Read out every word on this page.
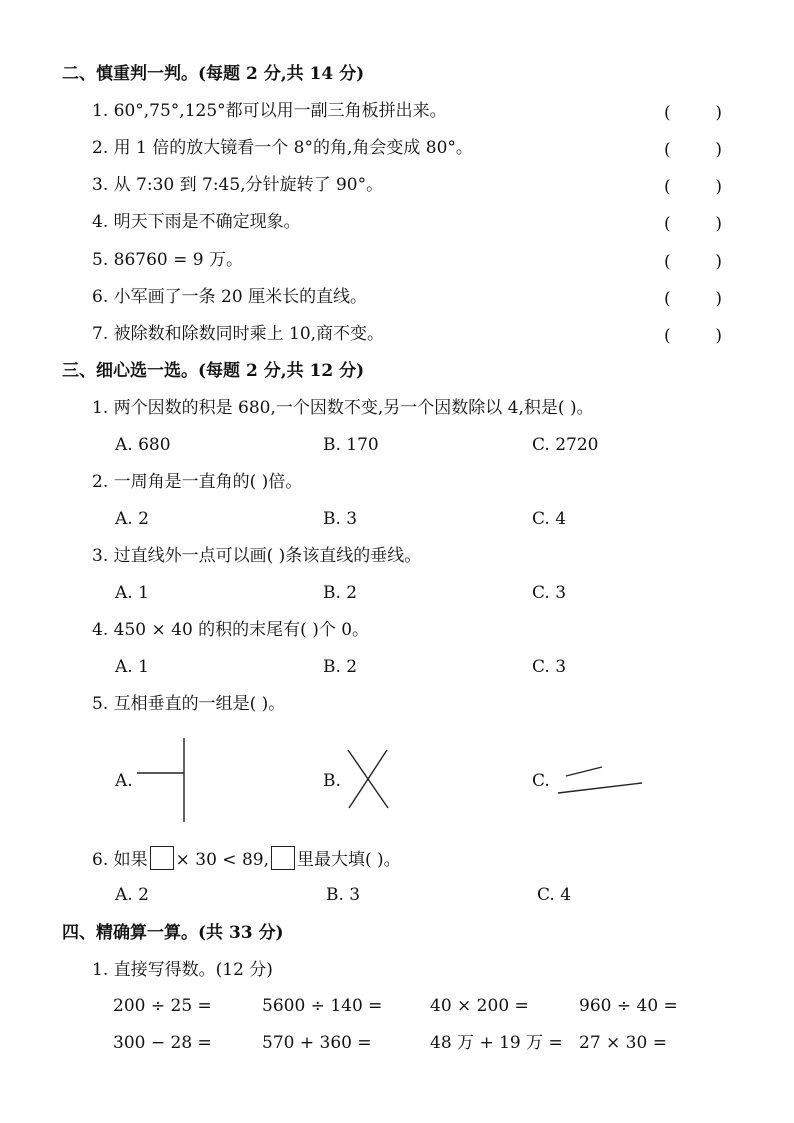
二、慎重判一判。(每题 2 分,共 14 分)
1. 60°,75°,125°都可以用一副三角板拼出来。	(	)
2. 用 1 倍的放大镜看一个 8°的角,角会变成 80°。	(	)
3. 从 7:30 到 7:45,分针旋转了 90°。	(	)
4. 明天下雨是不确定现象。	(	)
5. 86760 = 9 万。	(	)
6. 小军画了一条 20 厘米长的直线。	(	)
7. 被除数和除数同时乘上 10,商不变。	(	)
三、细心选一选。(每题 2 分,共 12 分)
1. 两个因数的积是 680,一个因数不变,另一个因数除以 4,积是( )。
A. 680	B. 170	C. 2720
2. 一周角是一直角的( )倍。
A. 2	B. 3	C. 4
3. 过直线外一点可以画( )条该直线的垂线。
A. 1	B. 2	C. 3
4. 450 × 40 的积的末尾有( )个 0。
A. 1	B. 2	C. 3
5. 互相垂直的一组是( )。
A.	B.	C.
6. 如果 × 30 < 89, 里最大填( )。
A. 2	B. 3	C. 4
四、精确算一算。(共 33 分)
1. 直接写得数。(12 分)
200 ÷ 25 =	5600 ÷ 140 =	40 × 200 =	960 ÷ 40 =
300 − 28 =	570 + 360 =	48 万 + 19 万 = 27 × 30 =
